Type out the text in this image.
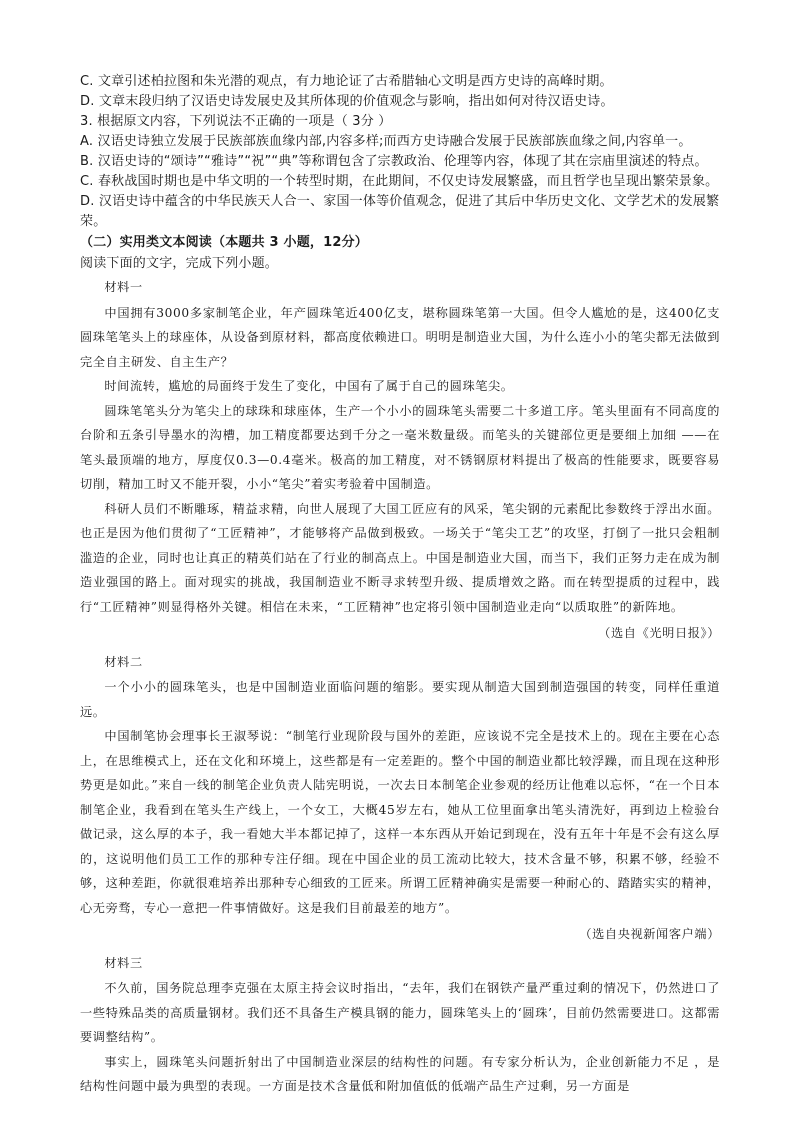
C. 文章引述柏拉图和朱光潜的观点，有力地论证了古希腊轴心文明是西方史诗的高峰时期。

D. 文章末段归纳了汉语史诗发展史及其所体现的价值观念与影响，指出如何对待汉语史诗。

3. 根据原文内容，下列说法不正确的一项是（ 3分 ）

A. 汉语史诗独立发展于民族部族血缘内部,内容多样;而西方史诗融合发展于民族部族血缘之间,内容单一。

B. 汉语史诗的“颂诗”“雅诗”“祝”“典”等称谓包含了宗教政治、伦理等内容，体现了其在宗庙里演述的特点。

C. 春秋战国时期也是中华文明的一个转型时期，在此期间，不仅史诗发展繁盛，而且哲学也呈现出繁荣景象。

D. 汉语史诗中蕴含的中华民族天人合一、家国一体等价值观念，促进了其后中华历史文化、文学艺术的发展繁荣。

（二）实用类文本阅读（本题共 3 小题，12分）

阅读下面的文字，完成下列小题。

材料一

中国拥有3000多家制笔企业，年产圆珠笔近400亿支，堪称圆珠笔第一大国。但令人尴尬的是，这400亿支圆珠笔笔头上的球座体，从设备到原材料，都高度依赖进口。明明是制造业大国，为什么连小小的笔尖都无法做到完全自主研发、自主生产？

时间流转，尴尬的局面终于发生了变化，中国有了属于自己的圆珠笔尖。

圆珠笔笔头分为笔尖上的球珠和球座体，生产一个小小的圆珠笔头需要二十多道工序。笔头里面有不同高度的台阶和五条引导墨水的沟槽，加工精度都要达到千分之一毫米数量级。而笔头的关键部位更是要细上加细 ——在笔头最顶端的地方，厚度仅0.3—0.4毫米。极高的加工精度，对不锈钢原材料提出了极高的性能要求，既要容易切削，精加工时又不能开裂，小小“笔尖”着实考验着中国制造。

科研人员们不断雕琢，精益求精，向世人展现了大国工匠应有的风采，笔尖钢的元素配比参数终于浮出水面。也正是因为他们贯彻了“工匠精神”，才能够将产品做到极致。一场关于“笔尖工艺”的攻坚，打倒了一批只会粗制滥造的企业，同时也让真正的精英们站在了行业的制高点上。中国是制造业大国，而当下，我们正努力走在成为制造业强国的路上。面对现实的挑战，我国制造业不断寻求转型升级、提质增效之路。而在转型提质的过程中，践行“工匠精神”则显得格外关键。相信在未来，“工匠精神”也定将引领中国制造业走向“以质取胜”的新阵地。

（选自《光明日报》）

材料二

一个小小的圆珠笔头，也是中国制造业面临问题的缩影。要实现从制造大国到制造强国的转变，同样任重道远。

中国制笔协会理事长王淑琴说：“制笔行业现阶段与国外的差距，应该说不完全是技术上的。现在主要在心态上，在思维模式上，还在文化和环境上，这些都是有一定差距的。整个中国的制造业都比较浮躁，而且现在这种形势更是如此。”来自一线的制笔企业负责人陆宪明说，一次去日本制笔企业参观的经历让他难以忘怀，“在一个日本制笔企业，我看到在笔头生产线上，一个女工，大概45岁左右，她从工位里面拿出笔头清洗好，再到边上检验台做记录，这么厚的本子，我一看她大半本都记掉了，这样一本东西从开始记到现在，没有五年十年是不会有这么厚的，这说明他们员工工作的那种专注仔细。现在中国企业的员工流动比较大，技术含量不够，积累不够，经验不够，这种差距，你就很难培养出那种专心细致的工匠来。所谓工匠精神确实是需要一种耐心的、踏踏实实的精神，心无旁骛，专心一意把一件事情做好。这是我们目前最差的地方”。

（选自央视新闻客户端）

材料三

不久前，国务院总理李克强在太原主持会议时指出，“去年，我们在钢铁产量严重过剩的情况下，仍然进口了一些特殊品类的高质量钢材。我们还不具备生产模具钢的能力，圆珠笔头上的‘圆珠’，目前仍然需要进口。这都需要调整结构”。

事实上，圆珠笔头问题折射出了中国制造业深层的结构性的问题。有专家分析认为，企业创新能力不足 ，是结构性问题中最为典型的表现。一方面是技术含量低和附加值低的低端产品生产过剩，另一方面是
